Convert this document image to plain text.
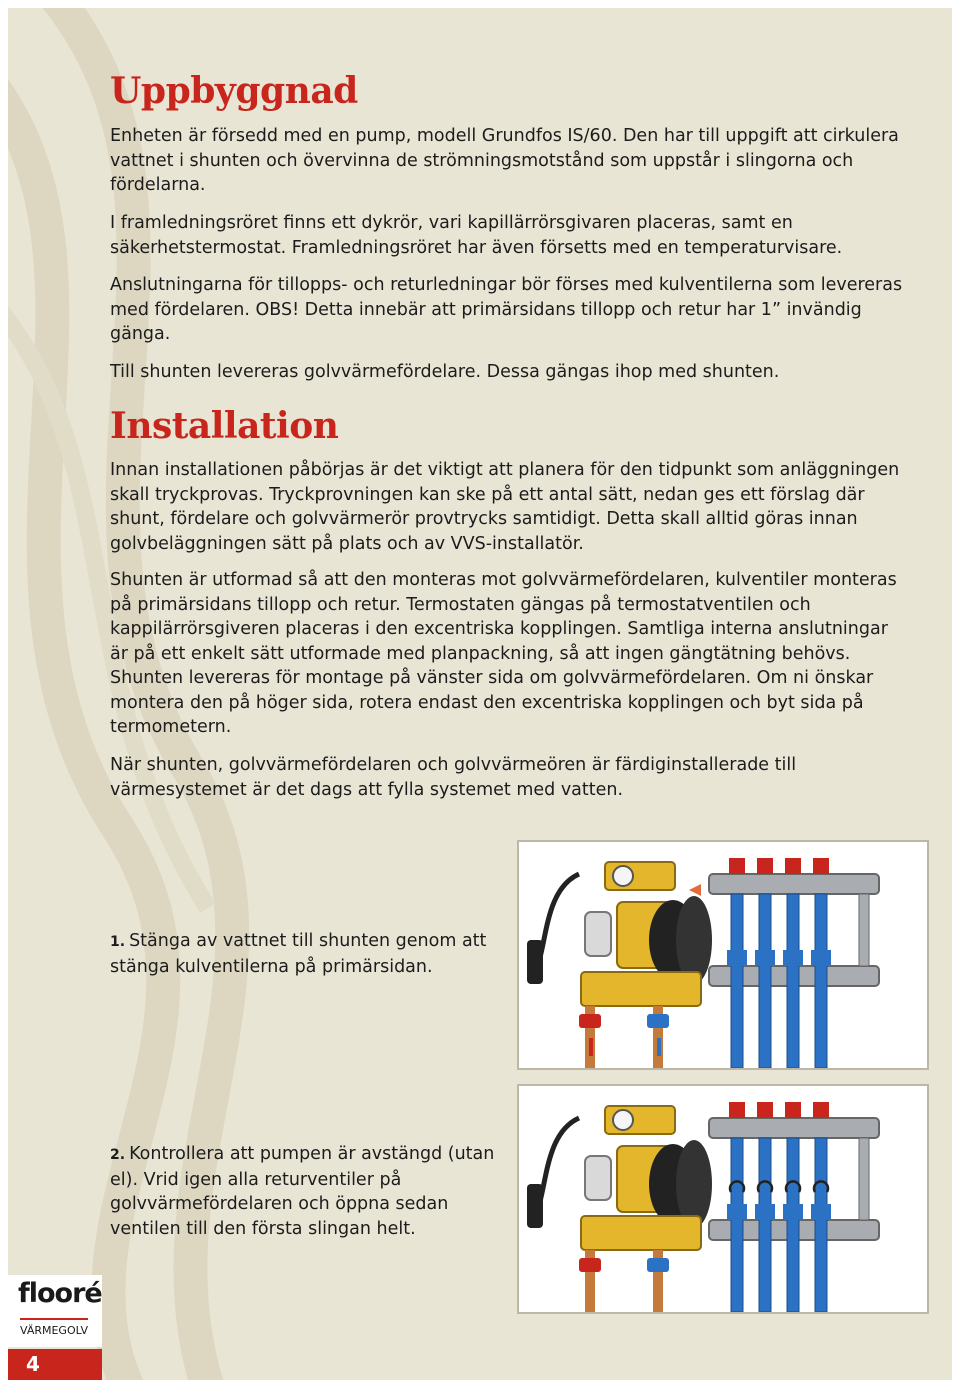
Uppbyggnad

Enheten är försedd med en pump, modell Grundfos IS/60. Den har till uppgift att cirkulera vattnet i shunten och övervinna de strömningsmotstånd som uppstår i slingorna och fördelarna.

I framledningsröret finns ett dykrör, vari kapillärrörsgivaren placeras, samt en säkerhetstermostat. Framledningsröret har även försetts med en temperaturvisare.

Anslutningarna för tillopps- och returledningar bör förses med kulventilerna som levereras med fördelaren. OBS! Detta innebär att primärsidans tillopp och retur har 1” invändig gänga.

Till shunten levereras golvvärmefördelare. Dessa gängas ihop med shunten.

Installation

Innan installationen påbörjas är det viktigt att planera för den tidpunkt som anläggningen skall tryckprovas. Tryckprovningen kan ske på ett antal sätt, nedan ges ett förslag där shunt, fördelare och golvvärmerör provtrycks samtidigt. Detta skall alltid göras innan golvbeläggningen sätt på plats och av VVS-installatör.

Shunten är utformad så att den monteras mot golvvärmefördelaren, kulventiler monteras på primärsidans tillopp och retur. Termostaten gängas på termostatventilen och kappilärrörsgiveren placeras i den excentriska kopplingen. Samtliga interna anslutningar är på ett enkelt sätt utformade med planpackning, så att ingen gängtätning behövs. Shunten levereras för montage på vänster sida om golvvärmefördelaren. Om ni önskar montera den på höger sida, rotera endast den excentriska kopplingen och byt sida på termometern.

När shunten, golvvärmefördelaren och golvvärmeören är färdiginstallerade till värmesystemet är det dags att fylla systemet med vatten.

1. Stänga av vattnet till shunten genom att stänga kulventilerna på primärsidan.

2. Kontrollera att pumpen är avstängd (utan el). Vrid igen alla returventiler på golvvärmefördelaren och öppna sedan ventilen till den första slingan helt.

flooré
VÄRMEGOLV
4
